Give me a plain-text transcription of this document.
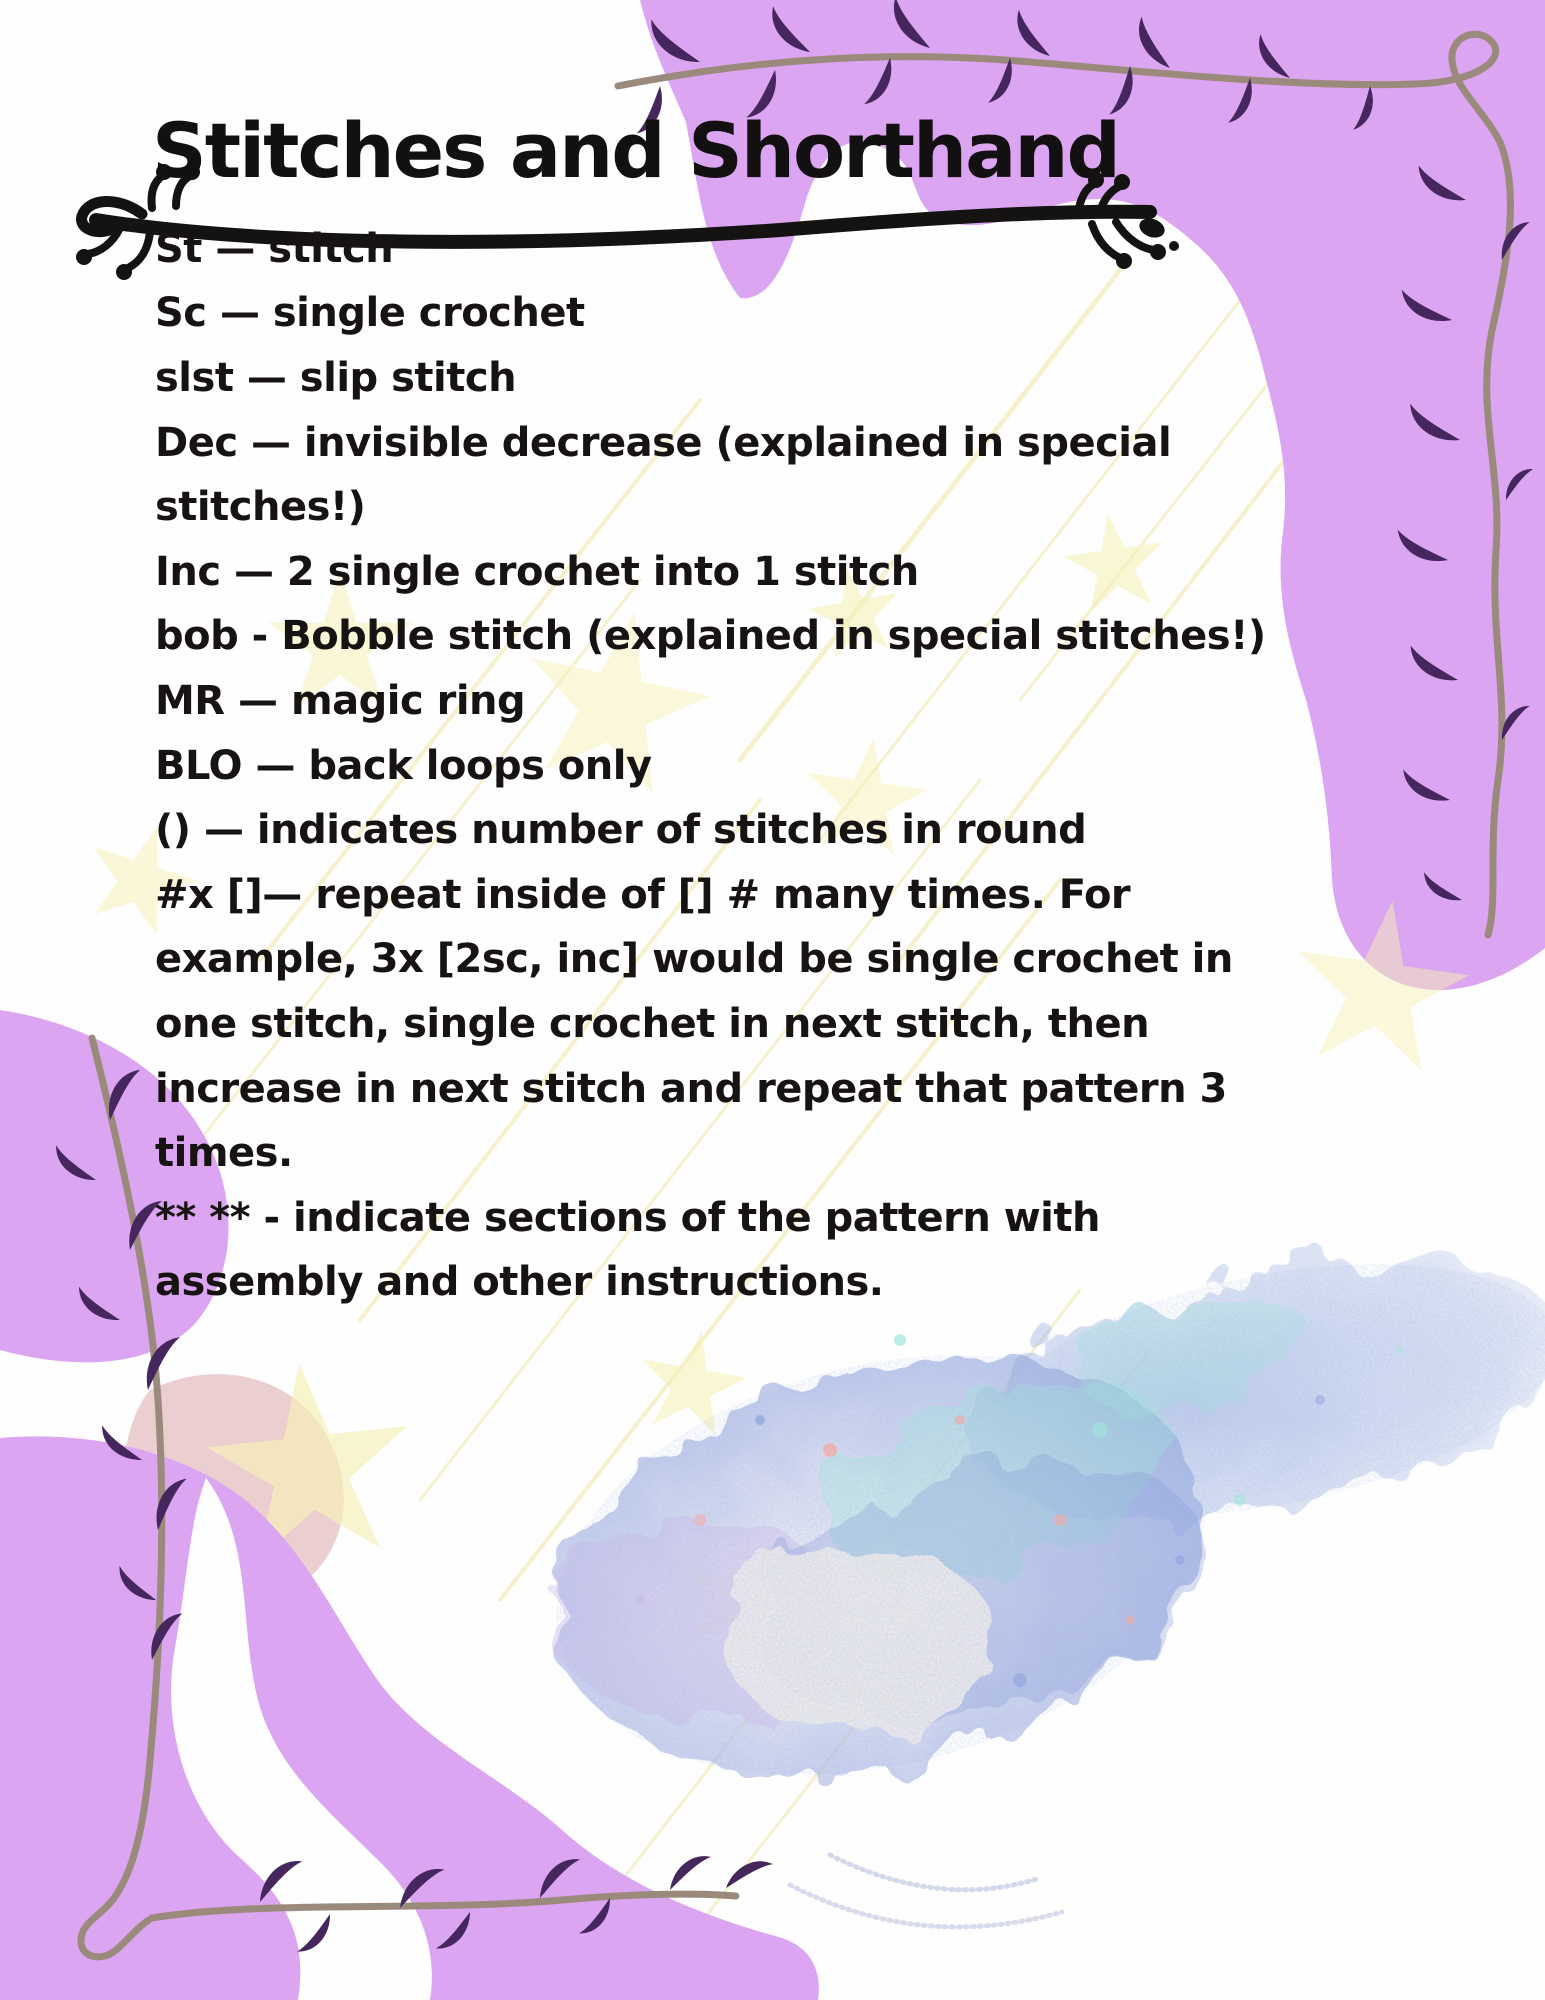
Stitches and Shorthand
St — stitch
Sc — single crochet
slst — slip stitch
Dec — invisible decrease (explained in special
stitches!)
Inc — 2 single crochet into 1 stitch
bob - Bobble stitch (explained in special stitches!)
MR — magic ring
BLO — back loops only
() — indicates number of stitches in round
#x []— repeat inside of [] # many times. For
example, 3x [2sc, inc] would be single crochet in
one stitch, single crochet in next stitch, then
increase in next stitch and repeat that pattern 3
times.
** ** - indicate sections of the pattern with
assembly and other instructions.
